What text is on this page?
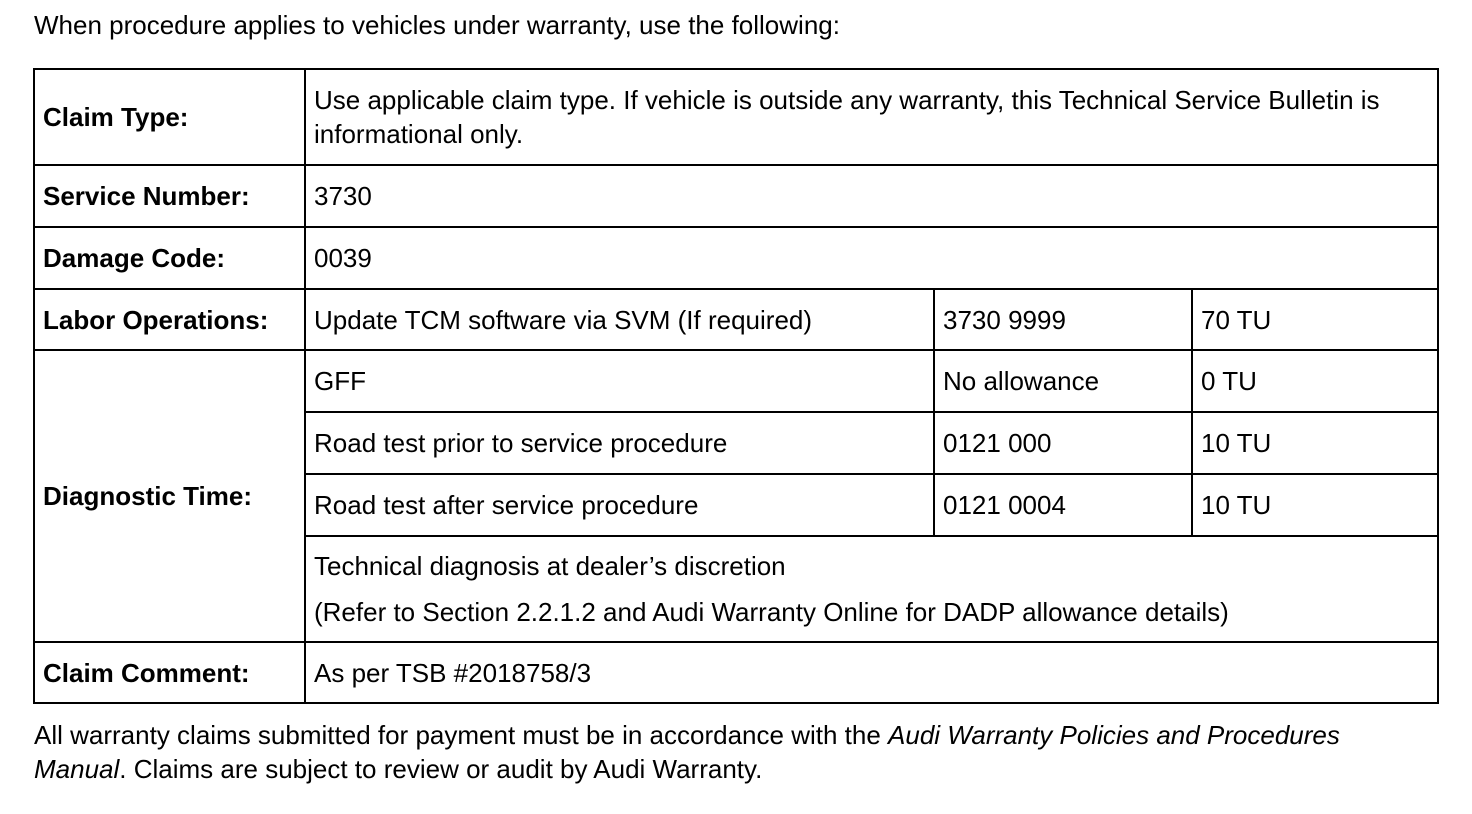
When procedure applies to vehicles under warranty, use the following:

Claim Type:	Use applicable claim type. If vehicle is outside any warranty, this Technical Service Bulletin is informational only.		
Service Number:	3730		
Damage Code:	0039		
Labor Operations:	Update TCM software via SVM (If required)	3730 9999	70 TU
Diagnostic Time:	GFF	No allowance	0 TU
	Road test prior to service procedure	0121 000	10 TU
	Road test after service procedure	0121 0004	10 TU

	Technical diagnosis at dealer’s discretion
(Refer to Section 2.2.1.2 and Audi Warranty Online for DADP allowance details)		

Claim Comment:	As per TSB #2018758/3		

All warranty claims submitted for payment must be in accordance with the Audi Warranty Policies and Procedures Manual. Claims are subject to review or audit by Audi Warranty.
